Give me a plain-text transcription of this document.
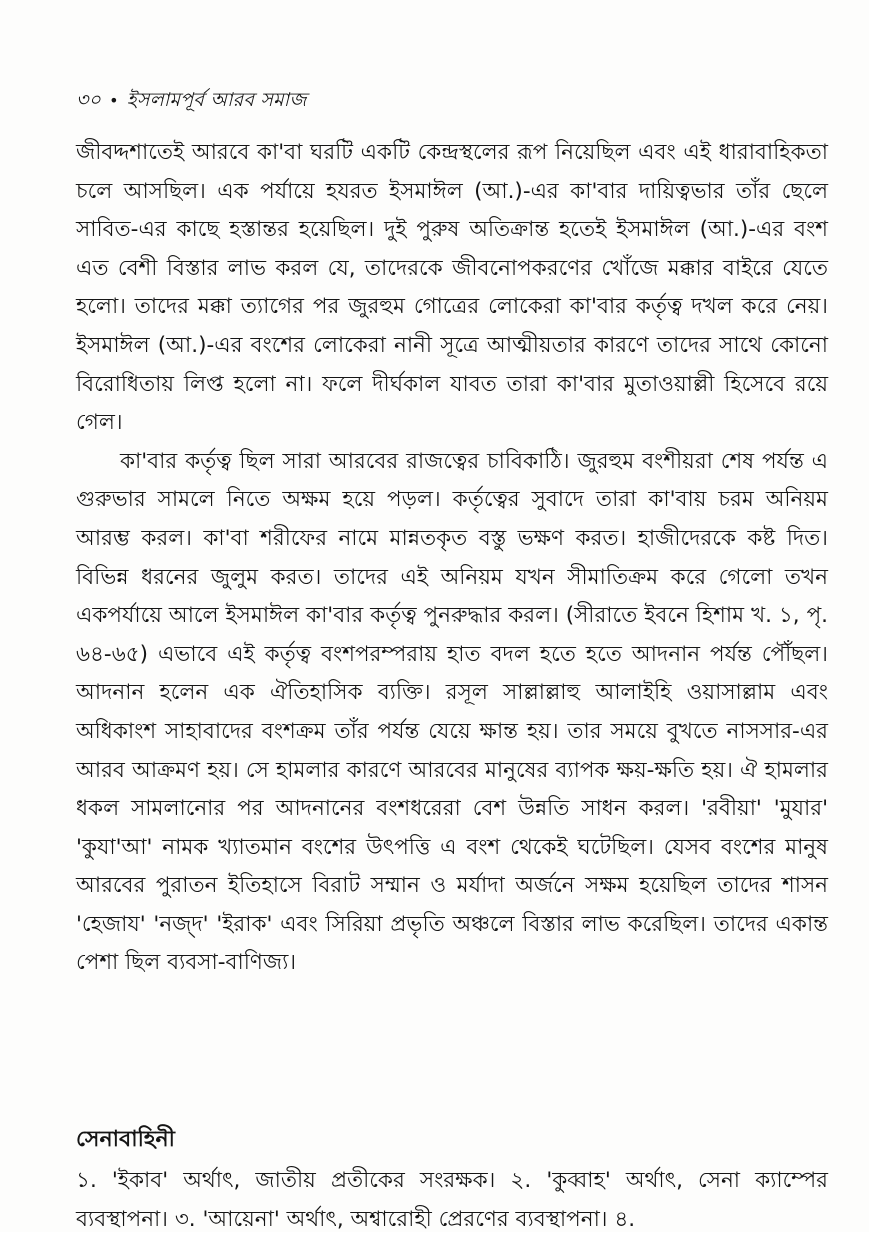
৩০ • ইসলামপূর্ব আরব সমাজ

জীবদ্দশাতেই আরবে কা'বা ঘরটি একটি কেন্দ্রস্থলের রূপ নিয়েছিল এবং এই ধারাবাহিকতা চলে আসছিল। এক পর্যায়ে হযরত ইসমাঈল (আ.)-এর কা'বার দায়িত্বভার তাঁর ছেলে সাবিত-এর কাছে হস্তান্তর হয়েছিল। দুই পুরুষ অতিক্রান্ত হতেই ইসমাঈল (আ.)-এর বংশ এত বেশী বিস্তার লাভ করল যে, তাদেরকে জীবনোপকরণের খোঁজে মক্কার বাইরে যেতে হলো। তাদের মক্কা ত্যাগের পর জুরহুম গোত্রের লোকেরা কা'বার কর্তৃত্ব দখল করে নেয়। ইসমাঈল (আ.)-এর বংশের লোকেরা নানী সূত্রে আত্মীয়তার কারণে তাদের সাথে কোনো বিরোধিতায় লিপ্ত হলো না। ফলে দীর্ঘকাল যাবত তারা কা'বার মুতাওয়াল্লী হিসেবে রয়ে গেল।

কা'বার কর্তৃত্ব ছিল সারা আরবের রাজত্বের চাবিকাঠি। জুরহুম বংশীয়রা শেষ পর্যন্ত এ গুরুভার সামলে নিতে অক্ষম হয়ে পড়ল। কর্তৃত্বের সুবাদে তারা কা'বায় চরম অনিয়ম আরম্ভ করল। কা'বা শরীফের নামে মান্নতকৃত বস্তু ভক্ষণ করত। হাজীদেরকে কষ্ট দিত। বিভিন্ন ধরনের জুলুম করত। তাদের এই অনিয়ম যখন সীমাতিক্রম করে গেলো তখন একপর্যায়ে আলে ইসমাঈল কা'বার কর্তৃত্ব পুনরুদ্ধার করল। (সীরাতে ইবনে হিশাম খ. ১, পৃ. ৬৪-৬৫) এভাবে এই কর্তৃত্ব বংশপরম্পরায় হাত বদল হতে হতে আদনান পর্যন্ত পৌঁছল। আদনান হলেন এক ঐতিহাসিক ব্যক্তি। রসূল সাল্লাল্লাহু আলাইহি ওয়াসাল্লাম এবং অধিকাংশ সাহাবাদের বংশক্রম তাঁর পর্যন্ত যেয়ে ক্ষান্ত হয়। তার সময়ে বুখতে নাসসার-এর আরব আক্রমণ হয়। সে হামলার কারণে আরবের মানুষের ব্যাপক ক্ষয়-ক্ষতি হয়। ঐ হামলার ধকল সামলানোর পর আদনানের বংশধরেরা বেশ উন্নতি সাধন করল। 'রবীয়া' 'মুযার' 'কুযা'আ' নামক খ্যাতমান বংশের উৎপত্তি এ বংশ থেকেই ঘটেছিল। যেসব বংশের মানুষ আরবের পুরাতন ইতিহাসে বিরাট সম্মান ও মর্যাদা অর্জনে সক্ষম হয়েছিল তাদের শাসন 'হেজায' 'নজ্দ' 'ইরাক' এবং সিরিয়া প্রভৃতি অঞ্চলে বিস্তার লাভ করেছিল। তাদের একান্ত পেশা ছিল ব্যবসা-বাণিজ্য।

সেনাবাহিনী
১. 'ইকাব' অর্থাৎ, জাতীয় প্রতীকের সংরক্ষক। ২. 'কুব্বাহ' অর্থাৎ, সেনা ক্যাম্পের ব্যবস্থাপনা। ৩. 'আয়েনা' অর্থাৎ, অশ্বারোহী প্রেরণের ব্যবস্থাপনা। ৪.
